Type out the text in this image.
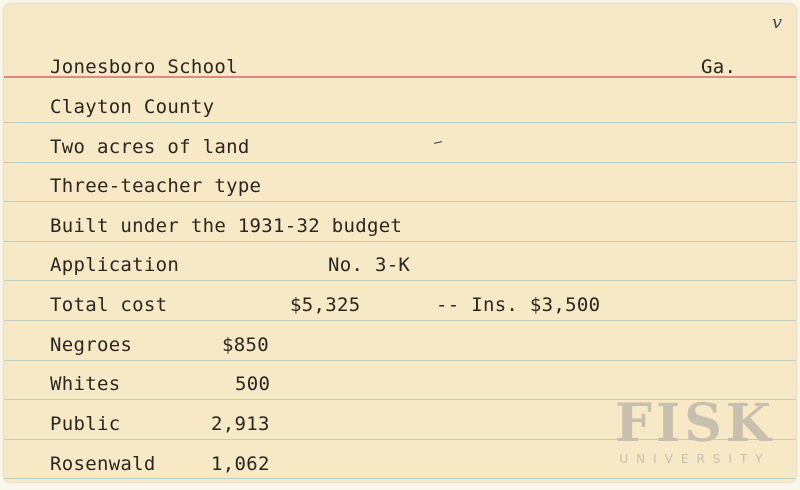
v
Jonesboro School	Ga.
Clayton County
Two acres of land
Three-teacher type
Built under the 1931-32 budget
Application	No. 3-K
Total cost	$5,325	-- Ins. $3,500
Negroes	$850
Whites	500
Public	2,913
Rosenwald	1,062
FISK
UNIVERSITY
